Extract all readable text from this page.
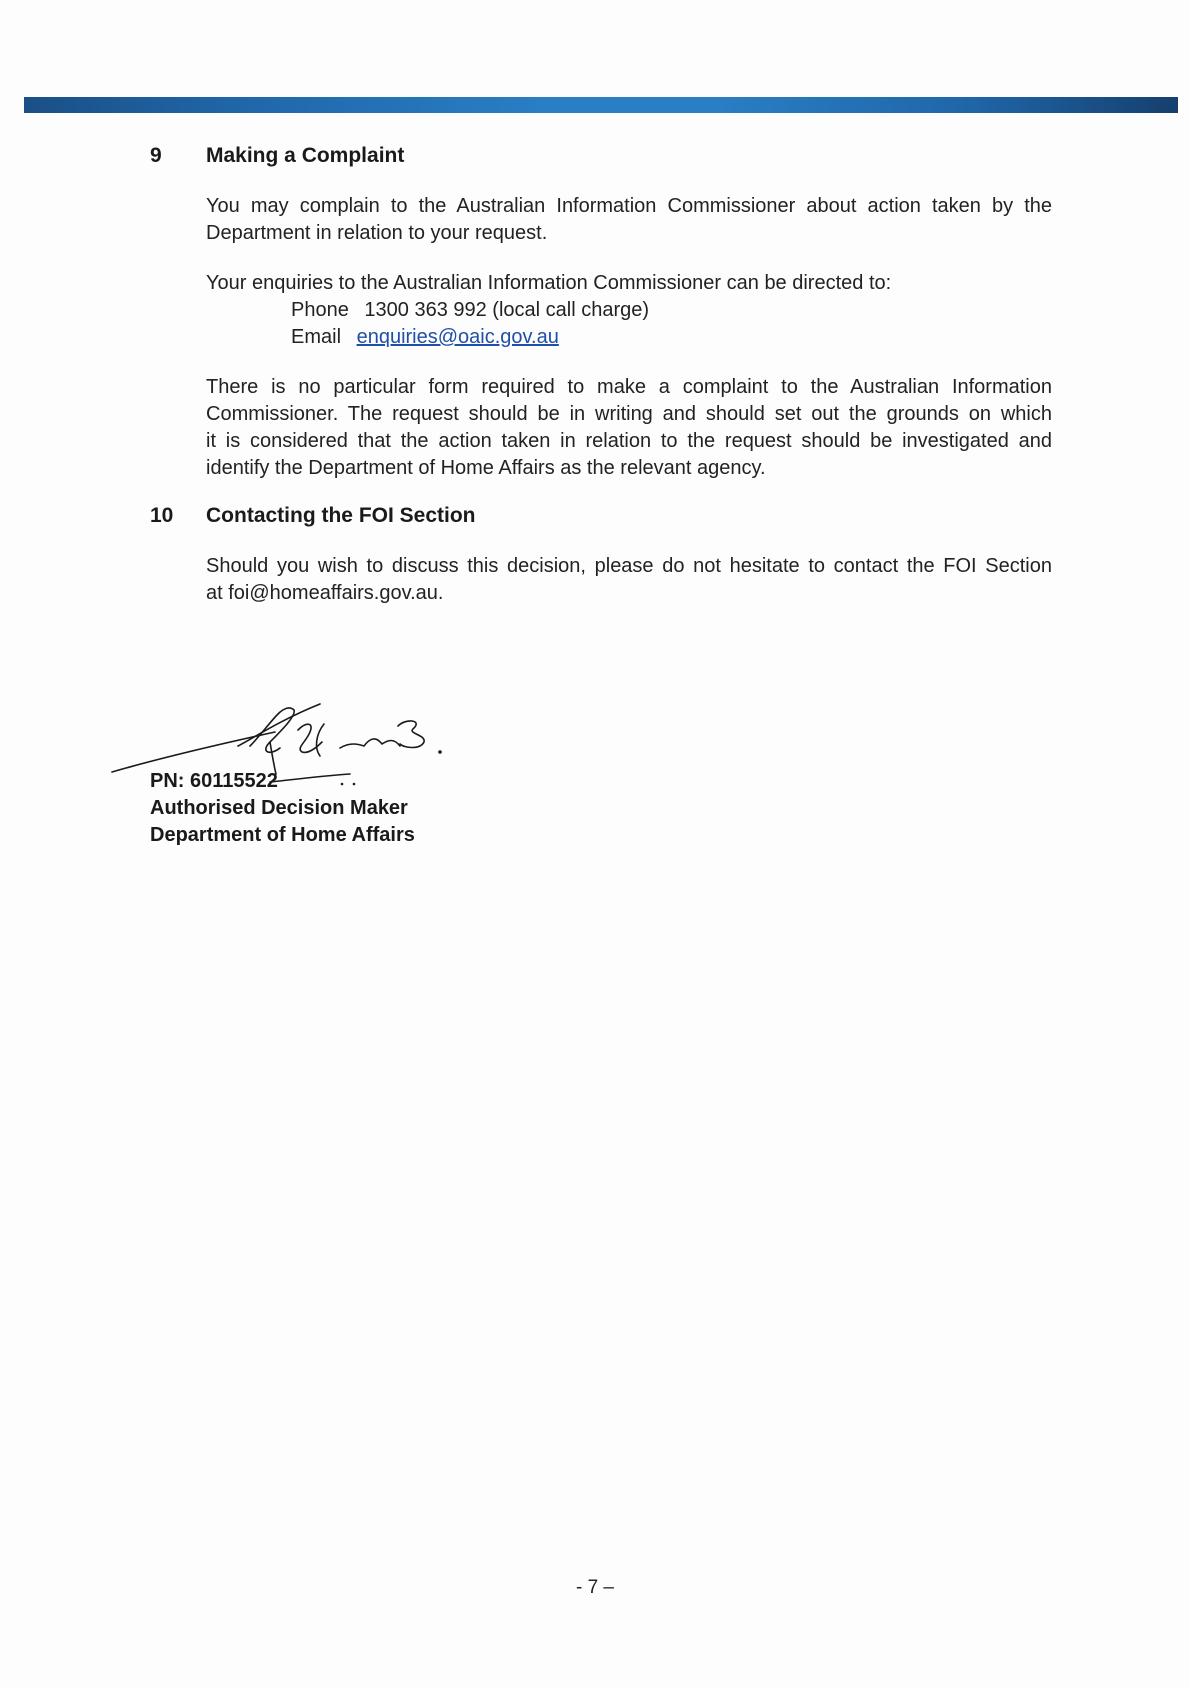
9 Making a Complaint

You may complain to the Australian Information Commissioner about action taken by the
Department in relation to your request.

Your enquiries to the Australian Information Commissioner can be directed to:

Phone 1300 363 992 (local call charge)
Email enquiries@oaic.gov.au

There is no particular form required to make a complaint to the Australian Information
Commissioner. The request should be in writing and should set out the grounds on which
it is considered that the action taken in relation to the request should be investigated and
identify the Department of Home Affairs as the relevant agency.

10 Contacting the FOI Section

Should you wish to discuss this decision, please do not hesitate to contact the FOI Section
at foi@homeaffairs.gov.au.

PN: 60115522
Authorised Decision Maker
Department of Home Affairs
- 7 –
